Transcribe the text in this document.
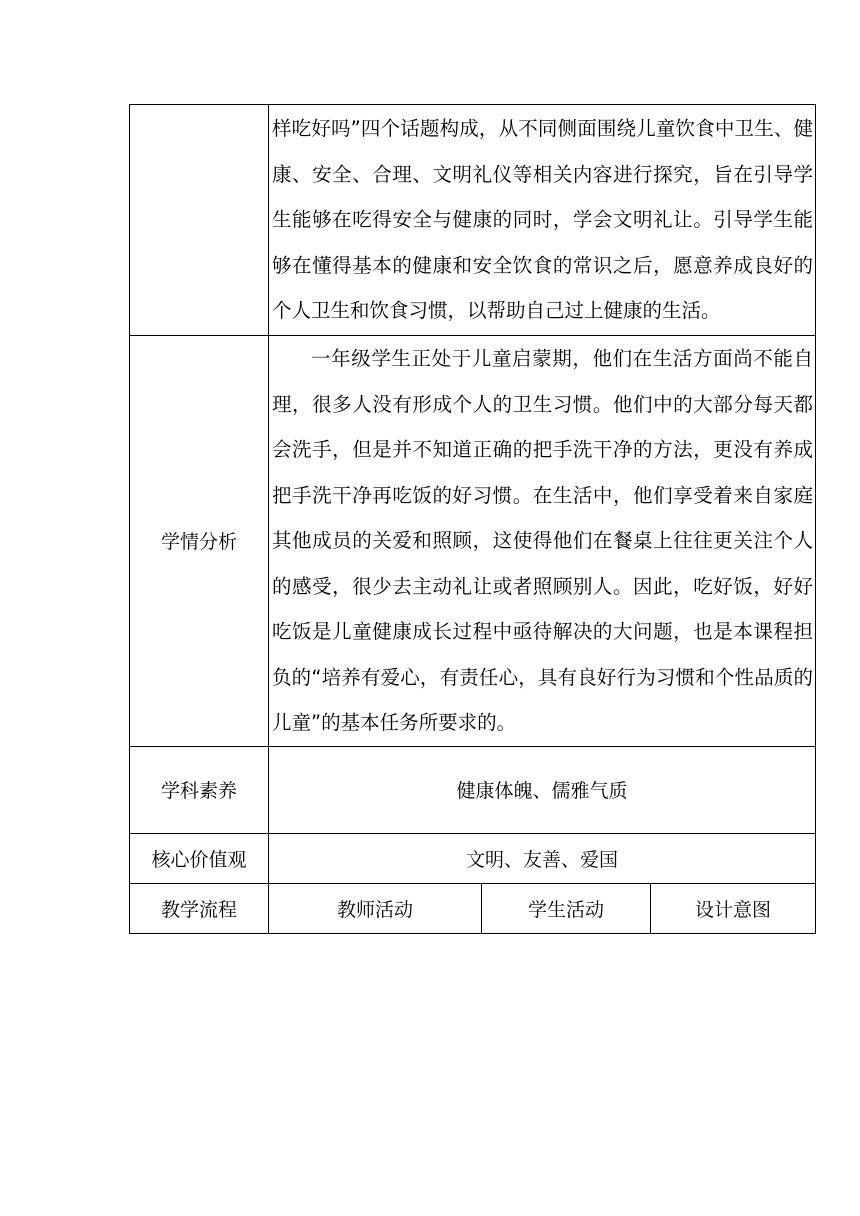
	样吃好吗”四个话题构成，从不同侧面围绕儿童饮食中卫生、健康、安全、合理、文明礼仪等相关内容进行探究，旨在引导学生能够在吃得安全与健康的同时，学会文明礼让。引导学生能够在懂得基本的健康和安全饮食的常识之后，愿意养成良好的个人卫生和饮食习惯，以帮助自己过上健康的生活。		

学情分析	一年级学生正处于儿童启蒙期，他们在生活方面尚不能自理，很多人没有形成个人的卫生习惯。他们中的大部分每天都会洗手，但是并不知道正确的把手洗干净的方法，更没有养成把手洗干净再吃饭的好习惯。在生活中，他们享受着来自家庭其他成员的关爱和照顾，这使得他们在餐桌上往往更关注个人的感受，很少去主动礼让或者照顾别人。因此，吃好饭，好好吃饭是儿童健康成长过程中亟待解决的大问题，也是本课程担负的“培养有爱心，有责任心，具有良好行为习惯和个性品质的儿童”的基本任务所要求的。		

学科素养	健康体魄、儒雅气质		
核心价值观	文明、友善、爱国		
教学流程	教师活动	学生活动	设计意图
